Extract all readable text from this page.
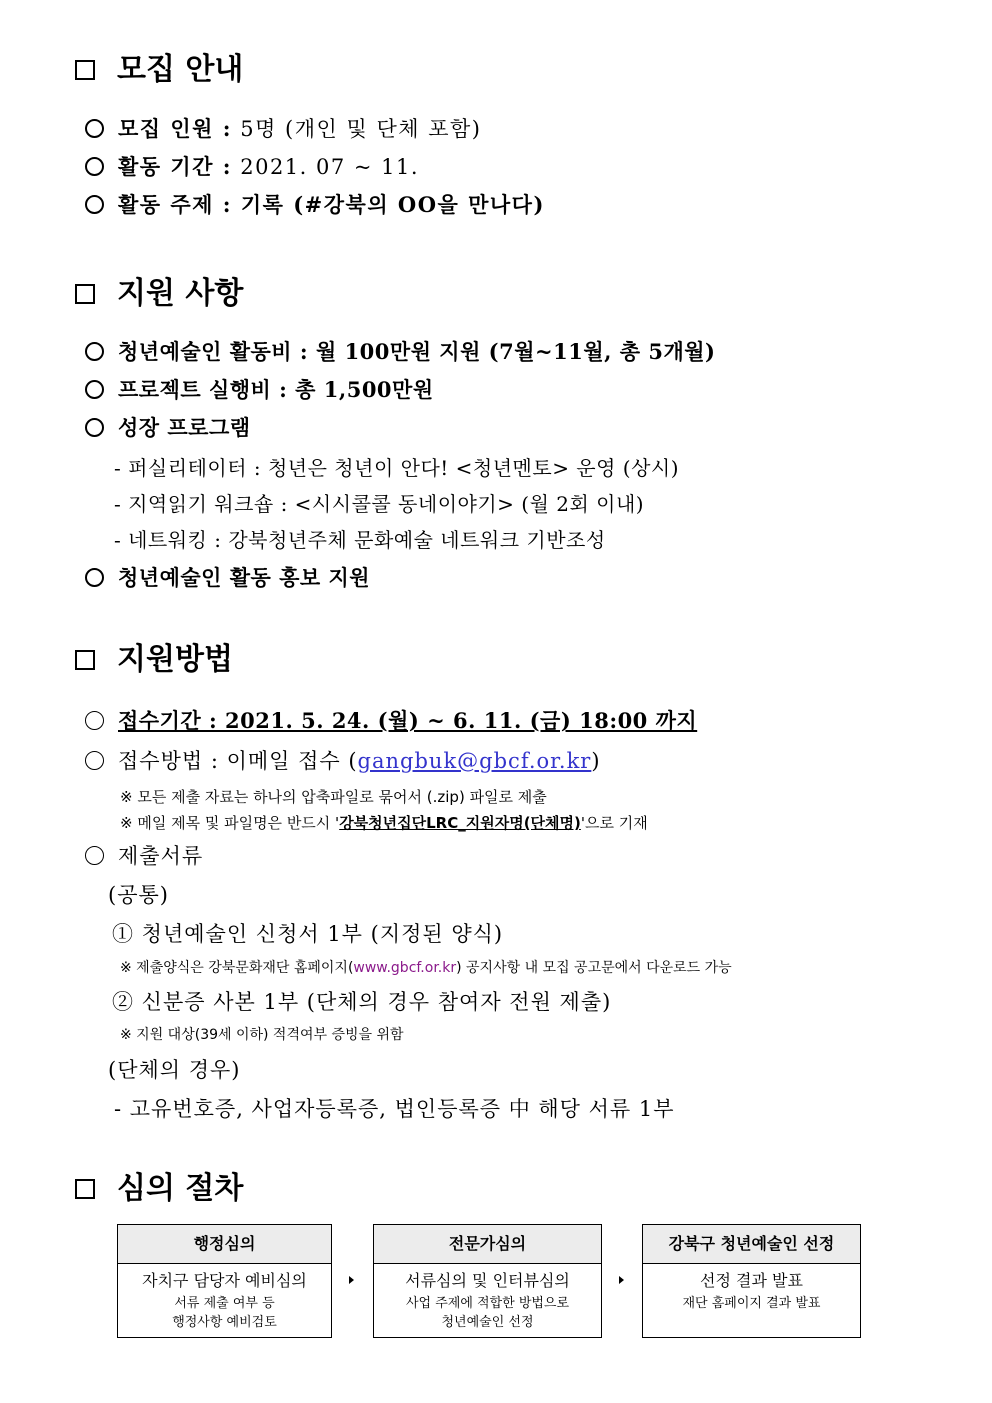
모집 안내
모집 인원 : 5명 (개인 및 단체 포함)
활동 기간 : 2021. 07 ~ 11.
활동 주제 : 기록 (#강북의 OO을 만나다)
지원 사항
청년예술인 활동비 : 월 100만원 지원 (7월~11월, 총 5개월)
프로젝트 실행비 : 총 1,500만원
성장 프로그램
- 퍼실리테이터 : 청년은 청년이 안다! <청년멘토> 운영 (상시)
- 지역읽기 워크숍 : <시시콜콜 동네이야기> (월 2회 이내)
- 네트워킹 : 강북청년주체 문화예술 네트워크 기반조성
청년예술인 활동 홍보 지원
지원방법
접수기간 : 2021. 5. 24. (월) ~ 6. 11. (금) 18:00 까지
접수방법 : 이메일 접수 (gangbuk@gbcf.or.kr)
※ 모든 제출 자료는 하나의 압축파일로 묶어서 (.zip) 파일로 제출
※ 메일 제목 및 파일명은 반드시 '강북청년집단LRC_지원자명(단체명)'으로 기재
제출서류
(공통)
① 청년예술인 신청서 1부 (지정된 양식)
※ 제출양식은 강북문화재단 홈페이지(www.gbcf.or.kr) 공지사항 내 모집 공고문에서 다운로드 가능
② 신분증 사본 1부 (단체의 경우 참여자 전원 제출)
※ 지원 대상(39세 이하) 적격여부 증빙을 위함
(단체의 경우)
- 고유번호증, 사업자등록증, 법인등록증 中 해당 서류 1부
심의 절차
행정심의
자치구 담당자 예비심의
서류 제출 여부 등
행정사항 예비검토
전문가심의
서류심의 및 인터뷰심의
사업 주제에 적합한 방법으로
청년예술인 선정
강북구 청년예술인 선정
선정 결과 발표
재단 홈페이지 결과 발표
